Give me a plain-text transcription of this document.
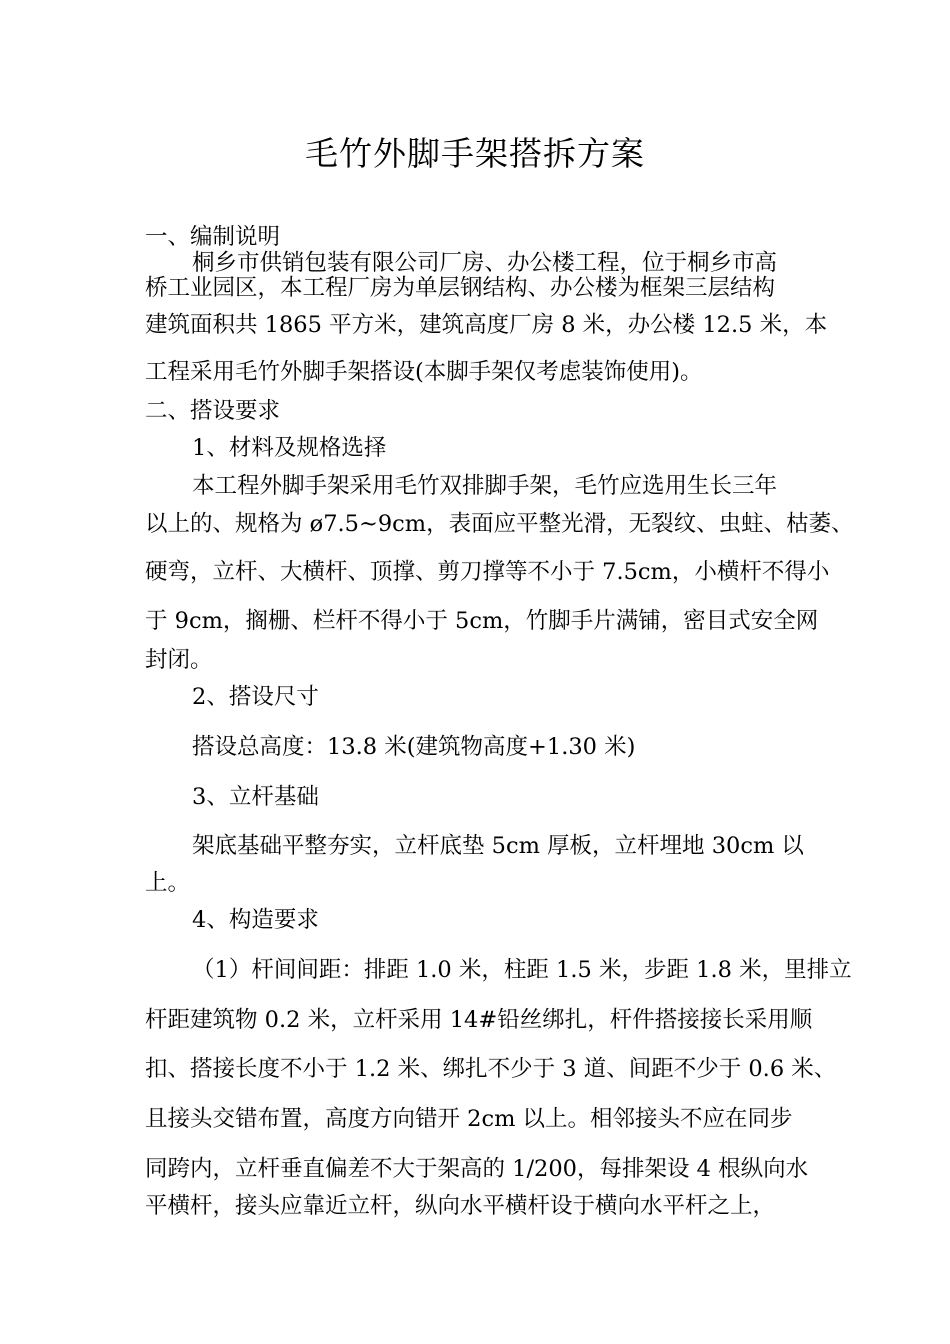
毛竹外脚手架搭拆方案
一、编制说明
桐乡市供销包装有限公司厂房、办公楼工程，位于桐乡市高
桥工业园区，本工程厂房为单层钢结构、办公楼为框架三层结构
建筑面积共 1865 平方米，建筑高度厂房 8 米，办公楼 12.5 米，本
工程采用毛竹外脚手架搭设(本脚手架仅考虑装饰使用)。
二、搭设要求
1、材料及规格选择
本工程外脚手架采用毛竹双排脚手架，毛竹应选用生长三年
以上的、规格为 ø7.5~9cm，表面应平整光滑，无裂纹、虫蛀、枯萎、
硬弯，立杆、大横杆、顶撑、剪刀撑等不小于 7.5cm，小横杆不得小
于 9cm，搁栅、栏杆不得小于 5cm，竹脚手片满铺，密目式安全网
封闭。
2、搭设尺寸
搭设总高度：13.8 米(建筑物高度+1.30 米)
3、立杆基础
架底基础平整夯实，立杆底垫 5cm 厚板，立杆埋地 30cm 以
上。
4、构造要求
（1）杆间间距：排距 1.0 米，柱距 1.5 米，步距 1.8 米，里排立
杆距建筑物 0.2 米，立杆采用 14#铅丝绑扎，杆件搭接接长采用顺
扣、搭接长度不小于 1.2 米、绑扎不少于 3 道、间距不少于 0.6 米、
且接头交错布置，高度方向错开 2cm 以上。相邻接头不应在同步
同跨内，立杆垂直偏差不大于架高的 1/200，每排架设 4 根纵向水
平横杆，接头应靠近立杆，纵向水平横杆设于横向水平杆之上，
